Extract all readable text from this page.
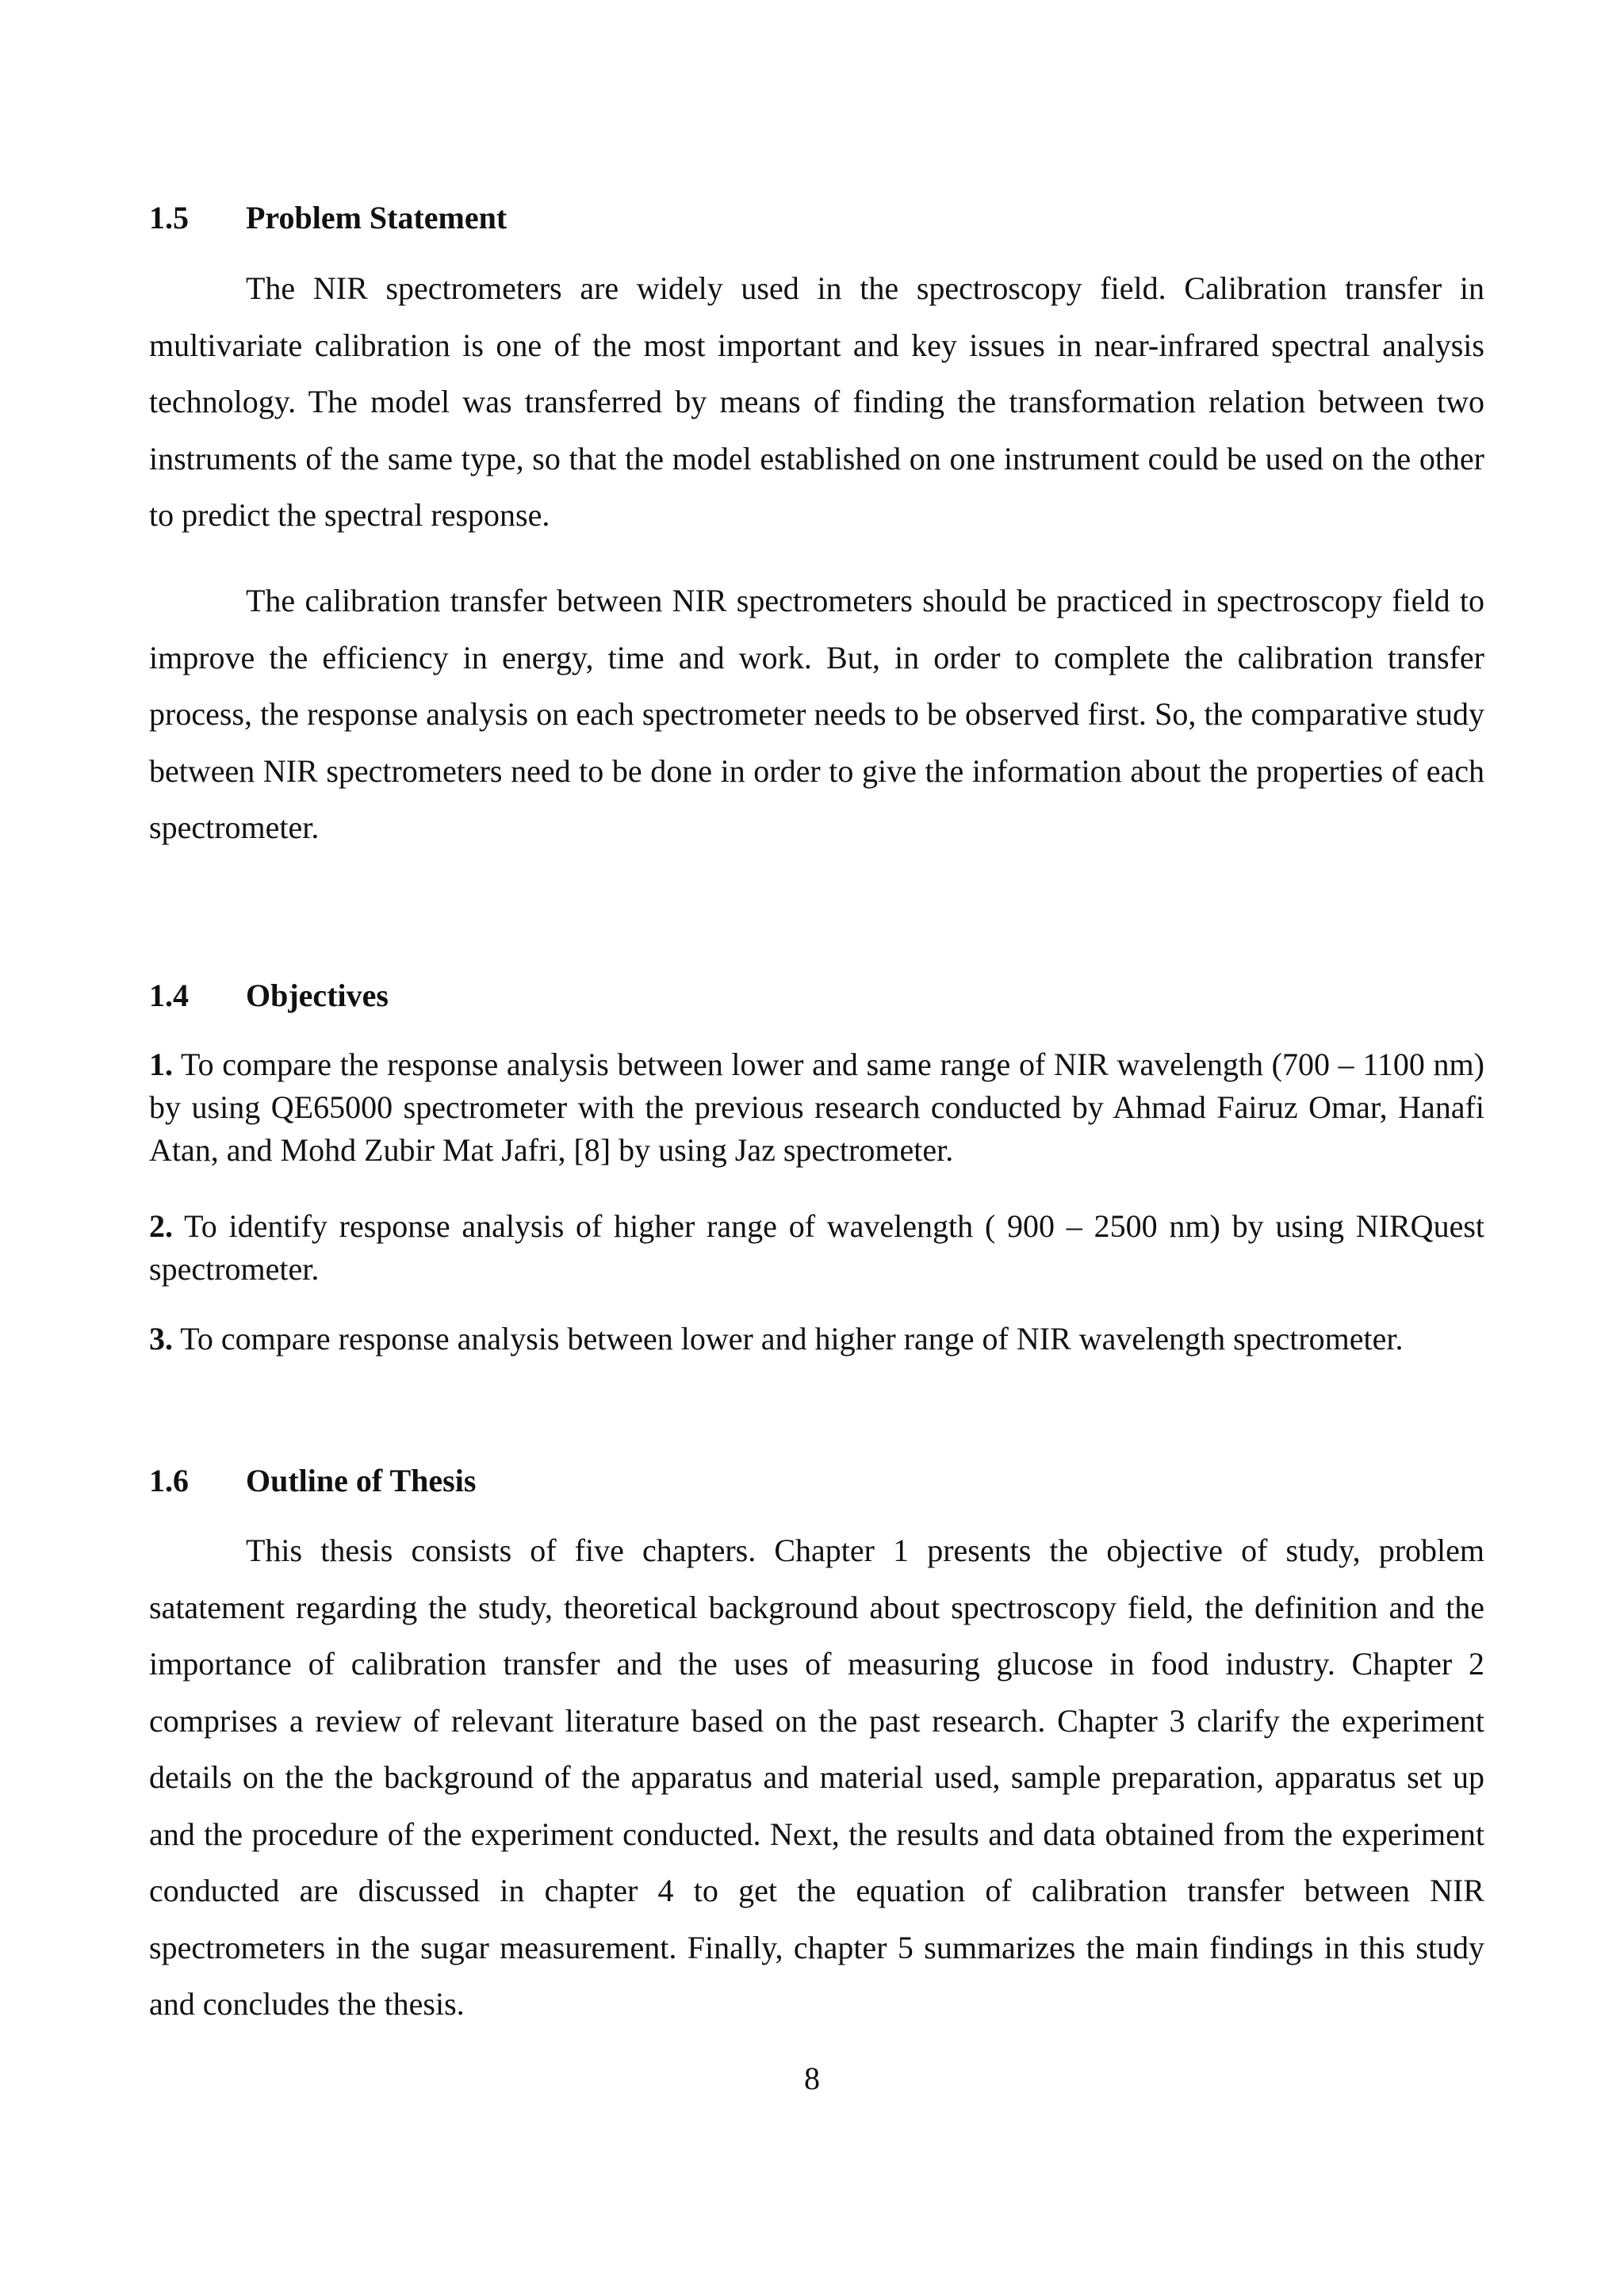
1.5 Problem Statement

The NIR spectrometers are widely used in the spectroscopy field. Calibration transfer in multivariate calibration is one of the most important and key issues in near-infrared spectral analysis technology. The model was transferred by means of finding the transformation relation between two instruments of the same type, so that the model established on one instrument could be used on the other to predict the spectral response.

The calibration transfer between NIR spectrometers should be practiced in spectroscopy field to improve the efficiency in energy, time and work. But, in order to complete the calibration transfer process, the response analysis on each spectrometer needs to be observed first. So, the comparative study between NIR spectrometers need to be done in order to give the information about the properties of each spectrometer.

1.4 Objectives

1. To compare the response analysis between lower and same range of NIR wavelength (700 – 1100 nm) by using QE65000 spectrometer with the previous research conducted by Ahmad Fairuz Omar, Hanafi Atan, and Mohd Zubir Mat Jafri, [8] by using Jaz spectrometer.

2. To identify response analysis of higher range of wavelength ( 900 – 2500 nm) by using NIRQuest spectrometer.

3. To compare response analysis between lower and higher range of NIR wavelength spectrometer.

1.6 Outline of Thesis

This thesis consists of five chapters. Chapter 1 presents the objective of study, problem satatement regarding the study, theoretical background about spectroscopy field, the definition and the importance of calibration transfer and the uses of measuring glucose in food industry. Chapter 2 comprises a review of relevant literature based on the past research. Chapter 3 clarify the experiment details on the the background of the apparatus and material used, sample preparation, apparatus set up and the procedure of the experiment conducted. Next, the results and data obtained from the experiment conducted are discussed in chapter 4 to get the equation of calibration transfer between NIR spectrometers in the sugar measurement. Finally, chapter 5 summarizes the main findings in this study and concludes the thesis.

8
